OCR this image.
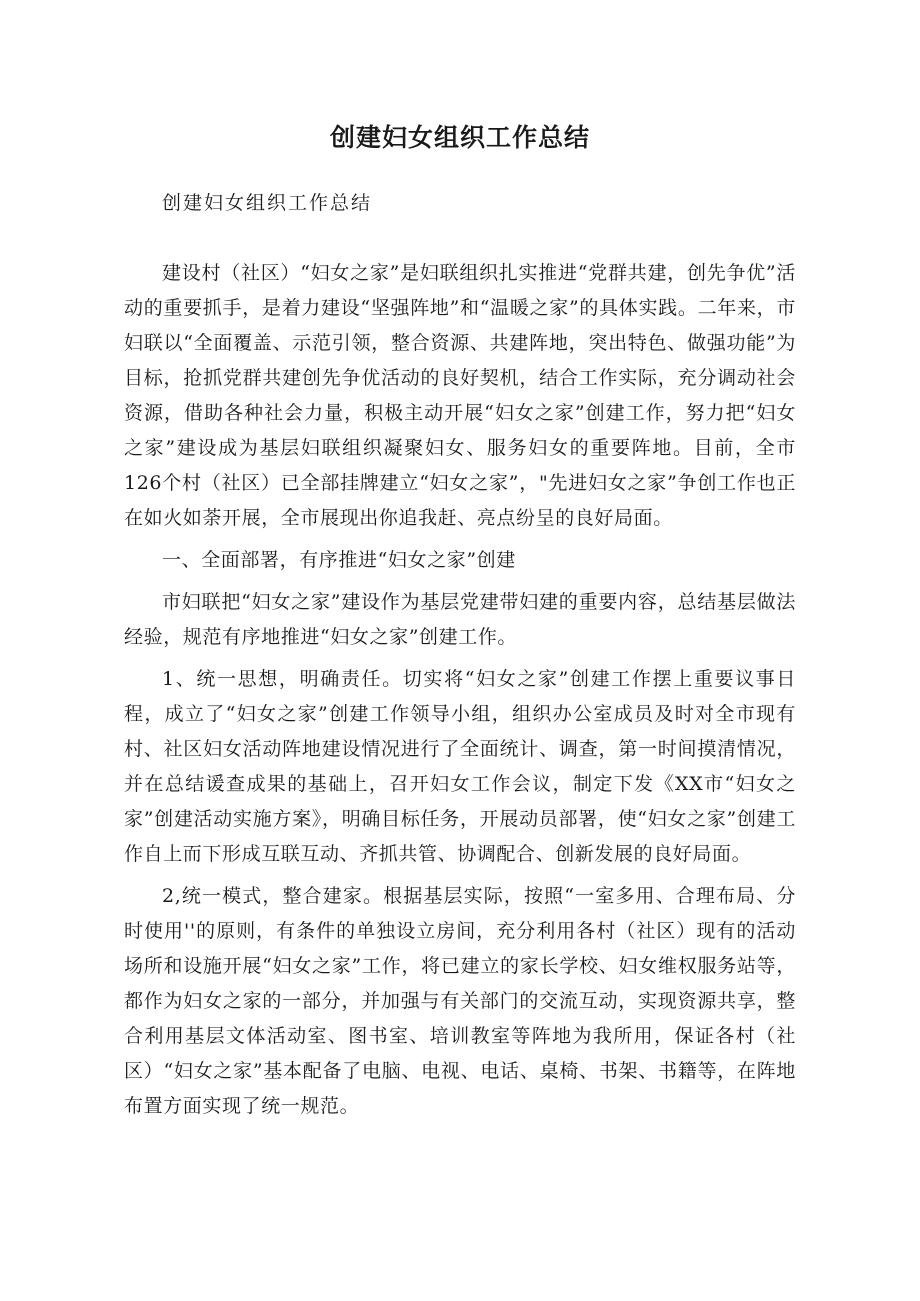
创建妇女组织工作总结

创建妇女组织工作总结

建设村（社区）“妇女之家”是妇联组织扎实推进“党群共建，创先争优”活动的重要抓手，是着力建设“坚强阵地”和“温暖之家”的具体实践。二年来，市妇联以“全面覆盖、示范引领，整合资源、共建阵地，突出特色、做强功能”为目标，抢抓党群共建创先争优活动的良好契机，结合工作实际，充分调动社会资源，借助各种社会力量，积极主动开展“妇女之家”创建工作，努力把“妇女之家”建设成为基层妇联组织凝聚妇女、服务妇女的重要阵地。目前，全市126个村（社区）已全部挂牌建立“妇女之家”，"先进妇女之家”争创工作也正在如火如荼开展，全市展现出你追我赶、亮点纷呈的良好局面。

一、全面部署，有序推进“妇女之家”创建

市妇联把“妇女之家”建设作为基层党建带妇建的重要内容，总结基层做法经验，规范有序地推进“妇女之家”创建工作。

1、统一思想，明确责任。切实将“妇女之家”创建工作摆上重要议事日程，成立了“妇女之家”创建工作领导小组，组织办公室成员及时对全市现有村、社区妇女活动阵地建设情况进行了全面统计、调查，第一时间摸清情况，并在总结谖查成果的基础上，召开妇女工作会议，制定下发《XX市“妇女之家”创建活动实施方案》，明确目标任务，开展动员部署，使“妇女之家”创建工作自上而下形成互联互动、齐抓共管、协调配合、创新发展的良好局面。

2,统一模式，整合建家。根据基层实际，按照“一室多用、合理布局、分时使用''的原则，有条件的单独设立房间，充分利用各村（社区）现有的活动场所和设施开展“妇女之家”工作，将已建立的家长学校、妇女维权服务站等，都作为妇女之家的一部分，并加强与有关部门的交流互动，实现资源共享，整合利用基层文体活动室、图书室、培训教室等阵地为我所用，保证各村（社区）“妇女之家”基本配备了电脑、电视、电话、桌椅、书架、书籍等，在阵地布置方面实现了统一规范。
